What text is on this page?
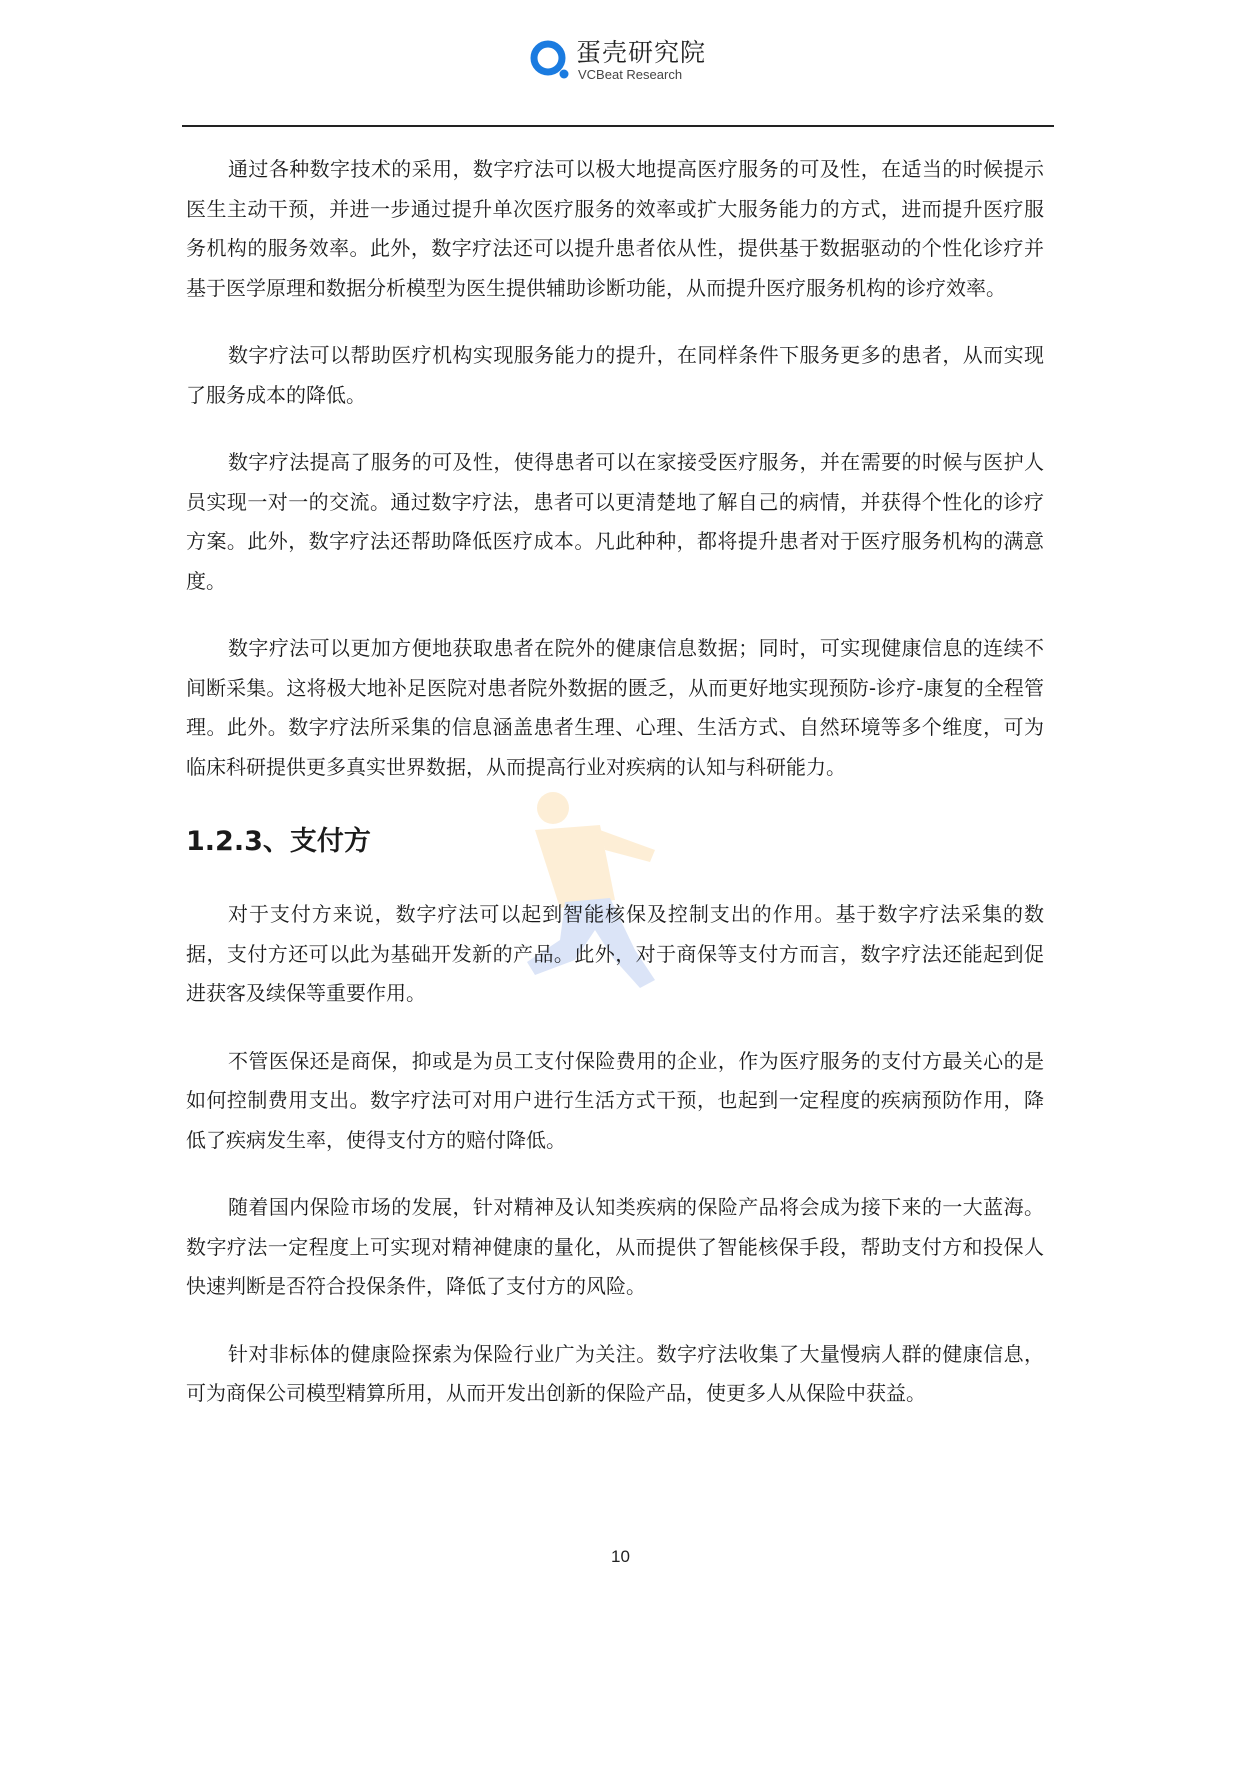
蛋壳研究院
VCBeat Research

通过各种数字技术的采用，数字疗法可以极大地提高医疗服务的可及性，在适当的时候提示医生主动干预，并进一步通过提升单次医疗服务的效率或扩大服务能力的方式，进而提升医疗服务机构的服务效率。此外，数字疗法还可以提升患者依从性，提供基于数据驱动的个性化诊疗并基于医学原理和数据分析模型为医生提供辅助诊断功能，从而提升医疗服务机构的诊疗效率。

数字疗法可以帮助医疗机构实现服务能力的提升，在同样条件下服务更多的患者，从而实现了服务成本的降低。

数字疗法提高了服务的可及性，使得患者可以在家接受医疗服务，并在需要的时候与医护人员实现一对一的交流。通过数字疗法，患者可以更清楚地了解自己的病情，并获得个性化的诊疗方案。此外，数字疗法还帮助降低医疗成本。凡此种种，都将提升患者对于医疗服务机构的满意度。

数字疗法可以更加方便地获取患者在院外的健康信息数据；同时，可实现健康信息的连续不间断采集。这将极大地补足医院对患者院外数据的匮乏，从而更好地实现预防-诊疗-康复的全程管理。此外。数字疗法所采集的信息涵盖患者生理、心理、生活方式、自然环境等多个维度，可为临床科研提供更多真实世界数据，从而提高行业对疾病的认知与科研能力。

1.2.3、支付方

对于支付方来说，数字疗法可以起到智能核保及控制支出的作用。基于数字疗法采集的数据，支付方还可以此为基础开发新的产品。此外，对于商保等支付方而言，数字疗法还能起到促进获客及续保等重要作用。

不管医保还是商保，抑或是为员工支付保险费用的企业，作为医疗服务的支付方最关心的是如何控制费用支出。数字疗法可对用户进行生活方式干预，也起到一定程度的疾病预防作用，降低了疾病发生率，使得支付方的赔付降低。

随着国内保险市场的发展，针对精神及认知类疾病的保险产品将会成为接下来的一大蓝海。数字疗法一定程度上可实现对精神健康的量化，从而提供了智能核保手段，帮助支付方和投保人快速判断是否符合投保条件，降低了支付方的风险。

针对非标体的健康险探索为保险行业广为关注。数字疗法收集了大量慢病人群的健康信息，可为商保公司模型精算所用，从而开发出创新的保险产品，使更多人从保险中获益。

10
